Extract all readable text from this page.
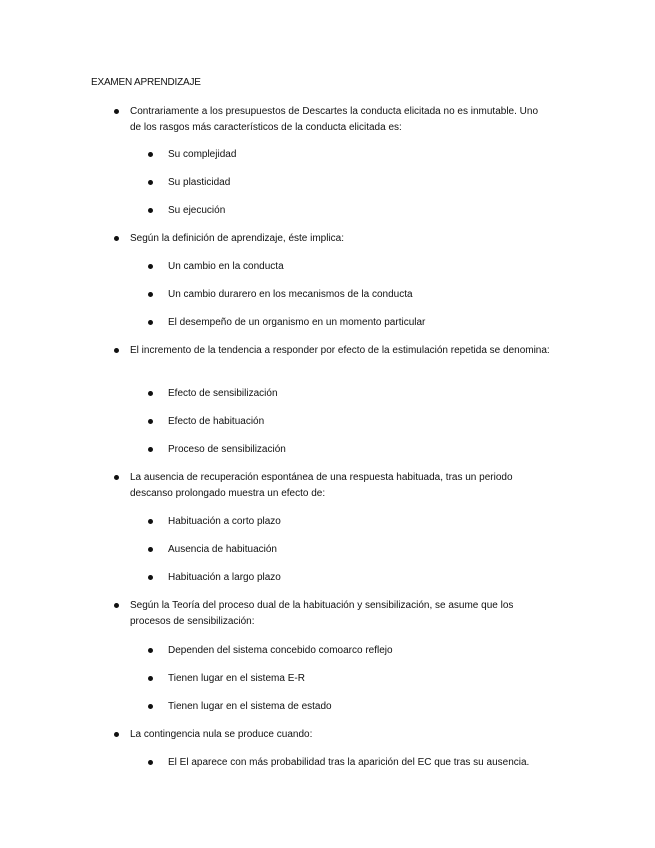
EXAMEN APRENDIZAJE
Contrariamente a los presupuestos de Descartes la conducta elicitada no es inmutable. Uno de los rasgos más característicos de la conducta elicitada es:
Su complejidad
Su plasticidad
Su ejecución
Según la definición de aprendizaje, éste implica:
Un cambio en la conducta
Un cambio durarero en los mecanismos de la conducta
El desempeño de un organismo en un momento particular
El incremento de la tendencia a responder por efecto de la estimulación repetida se denomina:
Efecto de sensibilización
Efecto de habituación
Proceso de sensibilización
La ausencia de recuperación espontánea de una respuesta habituada, tras un periodo descanso prolongado muestra un efecto de:
Habituación a corto plazo
Ausencia de habituación
Habituación a largo plazo
Según la Teoría del proceso dual de la habituación y sensibilización, se asume que los procesos de sensibilización:
Dependen del sistema concebido comoarco reflejo
Tienen lugar en el sistema E-R
Tienen lugar en el sistema de estado
La contingencia nula se produce cuando:
El El aparece con más probabilidad tras la aparición del EC que tras su ausencia.
